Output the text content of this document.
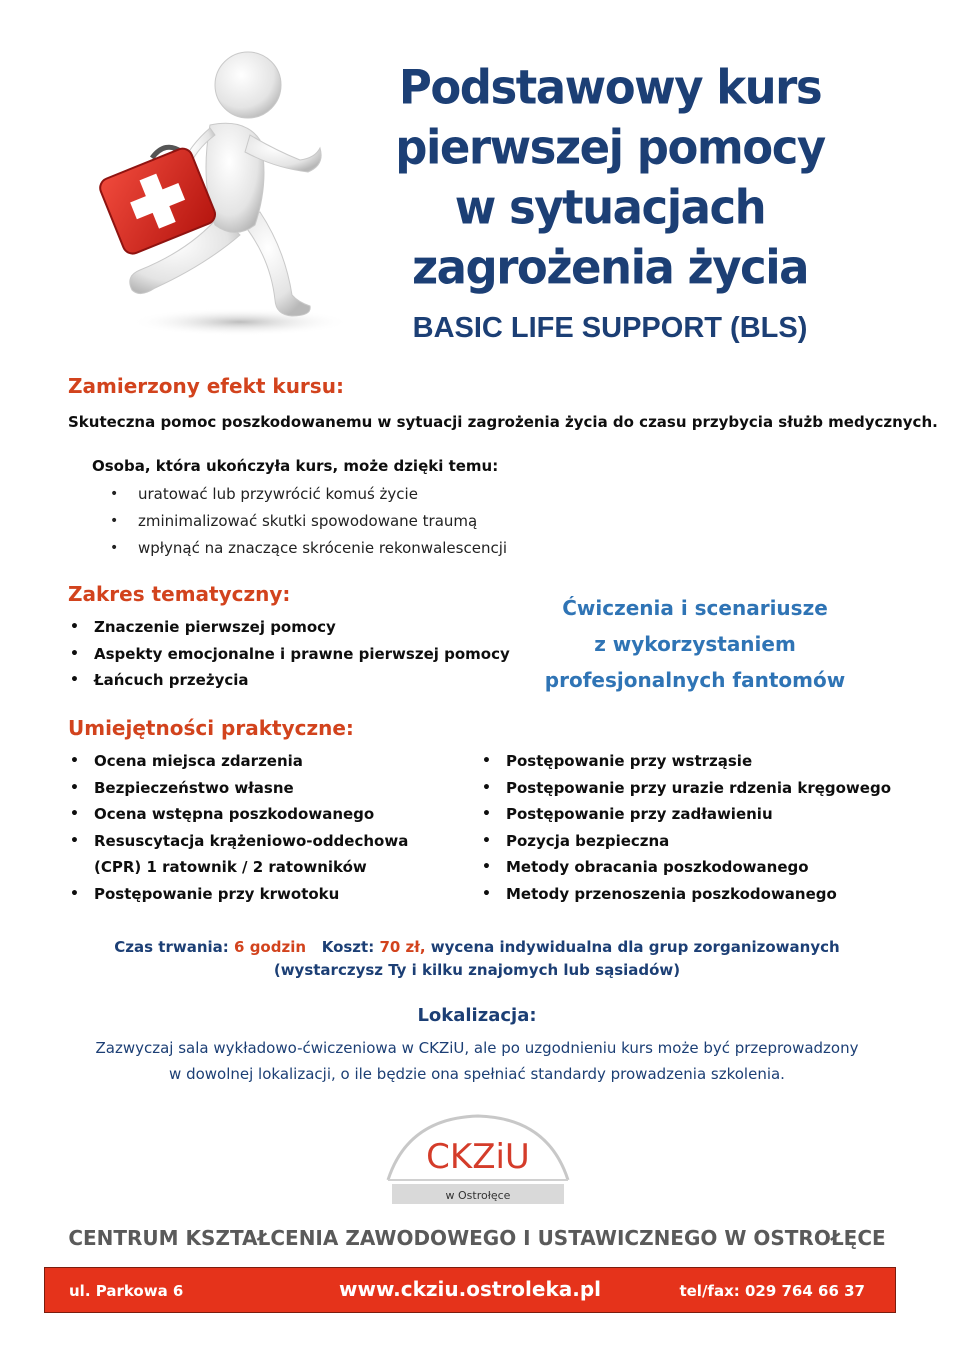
Podstawowy kurs
pierwszej pomocy
w sytuacjach
zagrożenia życia
BASIC LIFE SUPPORT (BLS)
Zamierzony efekt kursu:
Skuteczna pomoc poszkodowanemu w sytuacji zagrożenia życia do czasu przybycia służb medycznych.
Osoba, która ukończyła kurs, może dzięki temu:
• uratować lub przywrócić komuś życie
• zminimalizować skutki spowodowane traumą
• wpłynąć na znaczące skrócenie rekonwalescencji
Zakres tematyczny:
• Znaczenie pierwszej pomocy
• Aspekty emocjonalne i prawne pierwszej pomocy
• Łańcuch przeżycia
Ćwiczenia i scenariusze
z wykorzystaniem
profesjonalnych fantomów
Umiejętności praktyczne:
• Ocena miejsca zdarzenia
• Bezpieczeństwo własne
• Ocena wstępna poszkodowanego
• Resuscytacja krążeniowo-oddechowa
(CPR) 1 ratownik / 2 ratowników
• Postępowanie przy krwotoku
• Postępowanie przy wstrząsie
• Postępowanie przy urazie rdzenia kręgowego
• Postępowanie przy zadławieniu
• Pozycja bezpieczna
• Metody obracania poszkodowanego
• Metody przenoszenia poszkodowanego
Czas trwania: 6 godzin Koszt: 70 zł, wycena indywidualna dla grup zorganizowanych
(wystarczysz Ty i kilku znajomych lub sąsiadów)
Lokalizacja:
Zazwyczaj sala wykładowo-ćwiczeniowa w CKZiU, ale po uzgodnieniu kurs może być przeprowadzony
w dowolnej lokalizacji, o ile będzie ona spełniać standardy prowadzenia szkolenia.
CKZiU
w Ostrołęce
CENTRUM KSZTAŁCENIA ZAWODOWEGO I USTAWICZNEGO W OSTROŁĘCE
ul. Parkowa 6	www.ckziu.ostroleka.pl	tel/fax: 029 764 66 37
